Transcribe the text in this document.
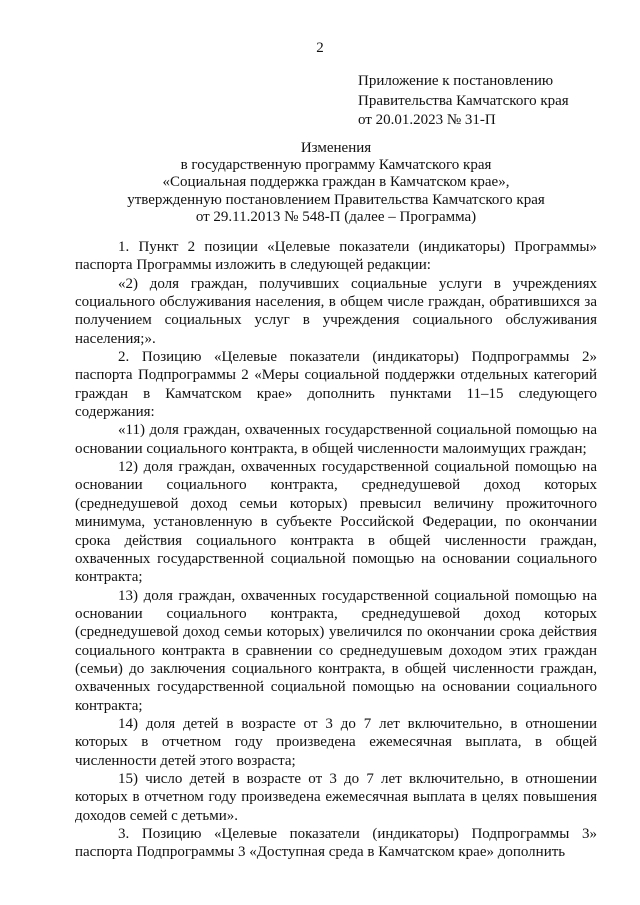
2
Приложение к постановлению
Правительства Камчатского края
от 20.01.2023 № 31-П
Изменения
в государственную программу Камчатского края
«Социальная поддержка граждан в Камчатском крае»,
утвержденную постановлением Правительства Камчатского края
от 29.11.2013 № 548-П (далее – Программа)

1. Пункт 2 позиции «Целевые показатели (индикаторы) Программы» паспорта Программы изложить в следующей редакции:

«2) доля граждан, получивших социальные услуги в учреждениях социального обслуживания населения, в общем числе граждан, обратившихся за получением социальных услуг в учреждения социального обслуживания населения;».

2. Позицию «Целевые показатели (индикаторы) Подпрограммы 2» паспорта Подпрограммы 2 «Меры социальной поддержки отдельных категорий граждан в Камчатском крае» дополнить пунктами 11–15 следующего содержания:

«11) доля граждан, охваченных государственной социальной помощью на основании социального контракта, в общей численности малоимущих граждан;

12) доля граждан, охваченных государственной социальной помощью на основании социального контракта, среднедушевой доход которых (среднедушевой доход семьи которых) превысил величину прожиточного минимума, установленную в субъекте Российской Федерации, по окончании срока действия социального контракта в общей численности граждан, охваченных государственной социальной помощью на основании социального контракта;

13) доля граждан, охваченных государственной социальной помощью на основании социального контракта, среднедушевой доход которых (среднедушевой доход семьи которых) увеличился по окончании срока действия социального контракта в сравнении со среднедушевым доходом этих граждан (семьи) до заключения социального контракта, в общей численности граждан, охваченных государственной социальной помощью на основании социального контракта;

14) доля детей в возрасте от 3 до 7 лет включительно, в отношении которых в отчетном году произведена ежемесячная выплата, в общей численности детей этого возраста;

15) число детей в возрасте от 3 до 7 лет включительно, в отношении которых в отчетном году произведена ежемесячная выплата в целях повышения доходов семей с детьми».

3. Позицию «Целевые показатели (индикаторы) Подпрограммы 3» паспорта Подпрограммы 3 «Доступная среда в Камчатском крае» дополнить
